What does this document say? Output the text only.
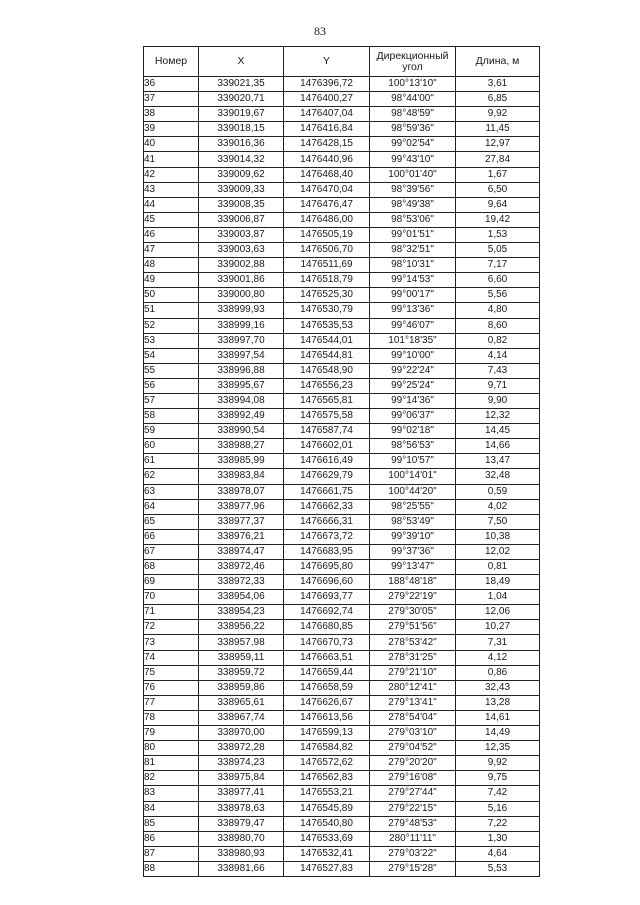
83
Номер	X	Y	Дирекционный угол	Длина, м
36	339021,35	1476396,72	100°13'10"	3,61
37	339020,71	1476400,27	98°44'00"	6,85
38	339019,67	1476407,04	98°48'59"	9,92
39	339018,15	1476416,84	98°59'36"	11,45
40	339016,36	1476428,15	99°02'54"	12,97
41	339014,32	1476440,96	99°43'10"	27,84
42	339009,62	1476468,40	100°01'40"	1,67
43	339009,33	1476470,04	98°39'56"	6,50
44	339008,35	1476476,47	98°49'38"	9,64
45	339006,87	1476486,00	98°53'06"	19,42
46	339003,87	1476505,19	99°01'51"	1,53
47	339003,63	1476506,70	98°32'51"	5,05
48	339002,88	1476511,69	98°10'31"	7,17
49	339001,86	1476518,79	99°14'53"	6,60
50	339000,80	1476525,30	99°00'17"	5,56
51	338999,93	1476530,79	99°13'36"	4,80
52	338999,16	1476535,53	99°46'07"	8,60
53	338997,70	1476544,01	101°18'35"	0,82
54	338997,54	1476544,81	99°10'00"	4,14
55	338996,88	1476548,90	99°22'24"	7,43
56	338995,67	1476556,23	99°25'24"	9,71
57	338994,08	1476565,81	99°14'36"	9,90
58	338992,49	1476575,58	99°06'37"	12,32
59	338990,54	1476587,74	99°02'18"	14,45
60	338988,27	1476602,01	98°56'53"	14,66
61	338985,99	1476616,49	99°10'57"	13,47
62	338983,84	1476629,79	100°14'01"	32,48
63	338978,07	1476661,75	100°44'20"	0,59
64	338977,96	1476662,33	98°25'55"	4,02
65	338977,37	1476666,31	98°53'49"	7,50
66	338976,21	1476673,72	99°39'10"	10,38
67	338974,47	1476683,95	99°37'36"	12,02
68	338972,46	1476695,80	99°13'47"	0,81
69	338972,33	1476696,60	188°48'18"	18,49
70	338954,06	1476693,77	279°22'19"	1,04
71	338954,23	1476692,74	279°30'05"	12,06
72	338956,22	1476680,85	279°51'56"	10,27
73	338957,98	1476670,73	278°53'42"	7,31
74	338959,11	1476663,51	278°31'25"	4,12
75	338959,72	1476659,44	279°21'10"	0,86
76	338959,86	1476658,59	280°12'41"	32,43
77	338965,61	1476626,67	279°13'41"	13,28
78	338967,74	1476613,56	278°54'04"	14,61
79	338970,00	1476599,13	279°03'10"	14,49
80	338972,28	1476584,82	279°04'52"	12,35
81	338974,23	1476572,62	279°20'20"	9,92
82	338975,84	1476562,83	279°16'08"	9,75
83	338977,41	1476553,21	279°27'44"	7,42
84	338978,63	1476545,89	279°22'15"	5,16
85	338979,47	1476540,80	279°48'53"	7,22
86	338980,70	1476533,69	280°11'11"	1,30
87	338980,93	1476532,41	279°03'22"	4,64
88	338981,66	1476527,83	279°15'28"	5,53
